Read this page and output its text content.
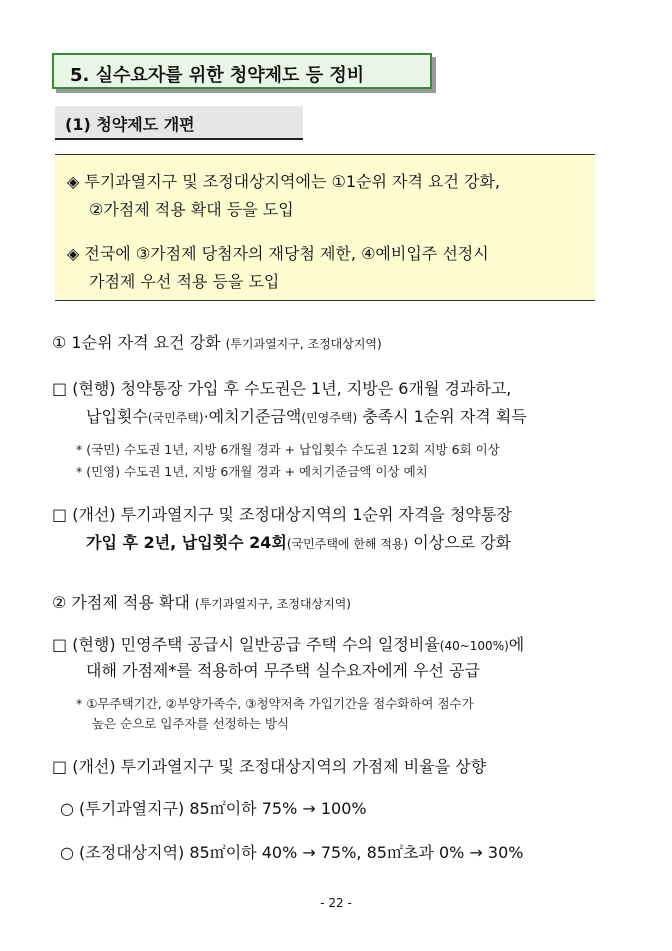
5. 실수요자를 위한 청약제도 등 정비
(1) 청약제도 개편
◈ 투기과열지구 및 조정대상지역에는 ①1순위 자격 요건 강화,
②가점제 적용 확대 등을 도입
◈ 전국에 ③가점제 당첨자의 재당첨 제한, ④예비입주 선정시
가점제 우선 적용 등을 도입
① 1순위 자격 요건 강화 (투기과열지구, 조정대상지역)
□ (현행) 청약통장 가입 후 수도권은 1년, 지방은 6개월 경과하고,
납입횟수(국민주택)·예치기준금액(민영주택) 충족시 1순위 자격 획득
* (국민) 수도권 1년, 지방 6개월 경과 + 납입횟수 수도권 12회 지방 6회 이상
* (민영) 수도권 1년, 지방 6개월 경과 + 예치기준금액 이상 예치
□ (개선) 투기과열지구 및 조정대상지역의 1순위 자격을 청약통장
가입 후 2년, 납입횟수 24회(국민주택에 한해 적용) 이상으로 강화
② 가점제 적용 확대 (투기과열지구, 조정대상지역)
□ (현행) 민영주택 공급시 일반공급 주택 수의 일정비율(40~100%)에
대해 가점제*를 적용하여 무주택 실수요자에게 우선 공급
* ①무주택기간, ②부양가족수, ③청약저축 가입기간을 점수화하여 점수가
높은 순으로 입주자를 선정하는 방식
□ (개선) 투기과열지구 및 조정대상지역의 가점제 비율을 상향
○ (투기과열지구) 85㎡이하 75% → 100%
○ (조정대상지역) 85㎡이하 40% → 75%, 85㎡초과 0% → 30%
- 22 -
